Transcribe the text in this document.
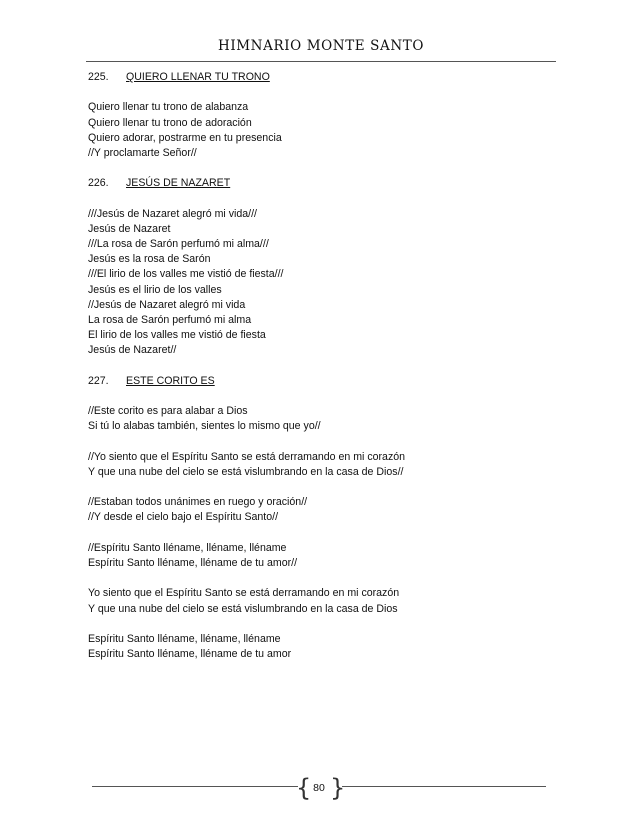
HIMNARIO MONTE SANTO
225. QUIERO LLENAR TU TRONO
Quiero llenar tu trono de alabanza
Quiero llenar tu trono de adoración
Quiero adorar, postrarme en tu presencia
//Y proclamarte Señor//
226. JESÚS DE NAZARET
///Jesús de Nazaret alegró mi vida///
Jesús de Nazaret
///La rosa de Sarón perfumó mi alma///
Jesús es la rosa de Sarón
///El lirio de los valles me vistió de fiesta///
Jesús es el lirio de los valles
//Jesús de Nazaret alegró mi vida
La rosa de Sarón perfumó mi alma
El lirio de los valles me vistió de fiesta
Jesús de Nazaret//
227. ESTE CORITO ES
//Este corito es para alabar a Dios
Si tú lo alabas también, sientes lo mismo que yo//
//Yo siento que el Espíritu Santo se está derramando en mi corazón
Y que una nube del cielo se está vislumbrando en la casa de Dios//
//Estaban todos unánimes en ruego y oración//
//Y desde el cielo bajo el Espíritu Santo//
//Espíritu Santo lléname, lléname, lléname
Espíritu Santo lléname, lléname de tu amor//
Yo siento que el Espíritu Santo se está derramando en mi corazón
Y que una nube del cielo se está vislumbrando en la casa de Dios
Espíritu Santo lléname, lléname, lléname
Espíritu Santo lléname, lléname de tu amor
{ }
80
